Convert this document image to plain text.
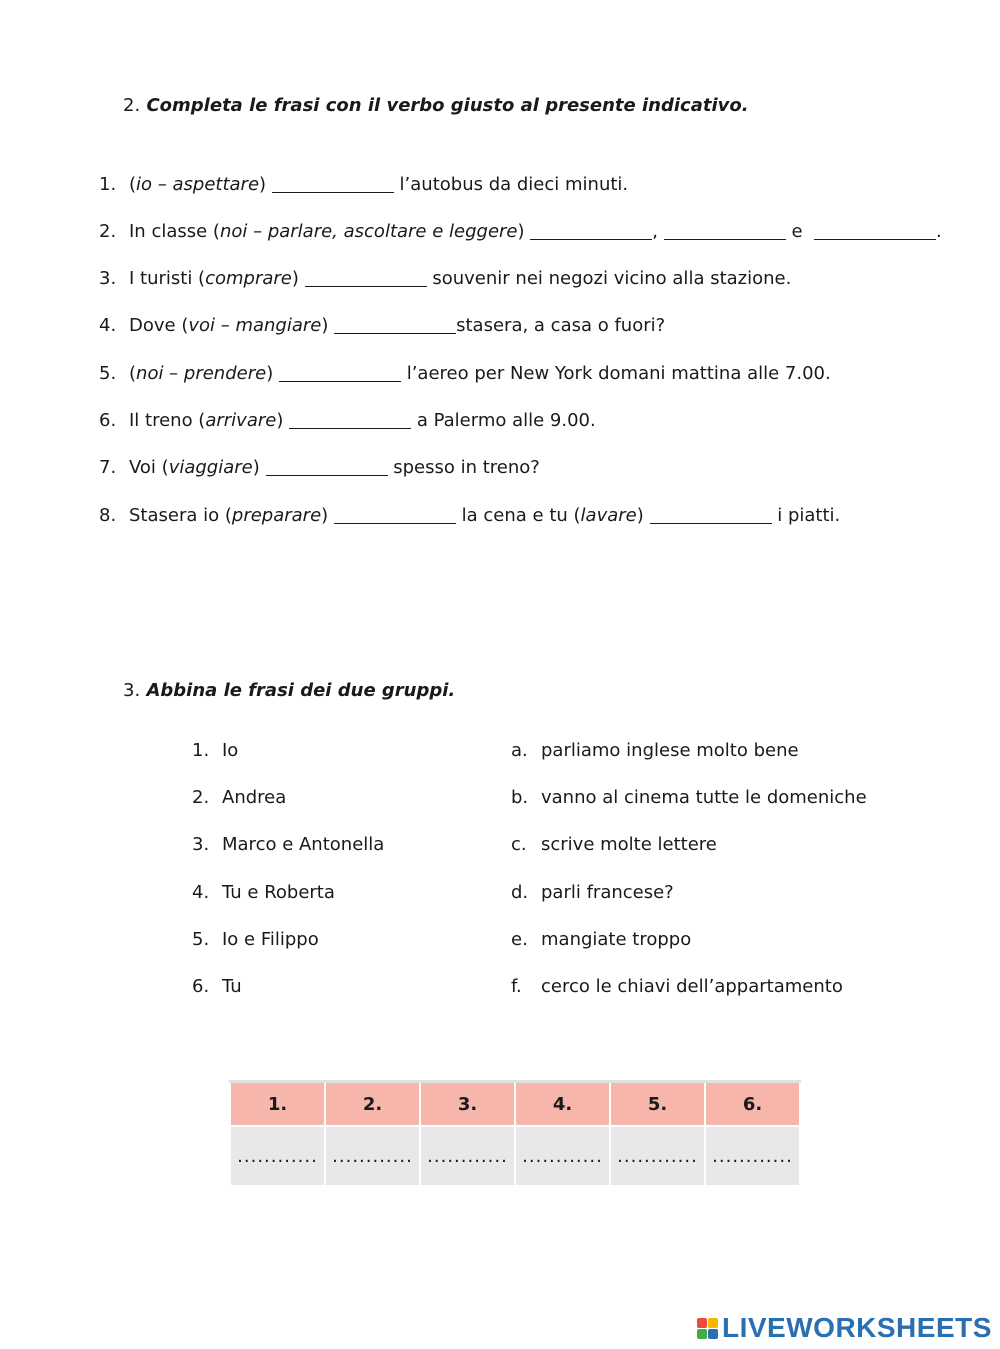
2. Completa le frasi con il verbo giusto al presente indicativo.
1. (io – aspettare)	l’autobus da dieci minuti.
2. In classe (noi – parlare, ascoltare e leggere)	,	e	.
3. I turisti (comprare)	souvenir nei negozi vicino alla stazione.
4. Dove (voi – mangiare)	stasera, a casa o fuori?
5. (noi – prendere)	l’aereo per New York domani mattina alle 7.00.
6. Il treno (arrivare)	a Palermo alle 9.00.
7. Voi (viaggiare)	spesso in treno?
8. Stasera io (preparare)	la cena e tu (lavare)	i piatti.
3. Abbina le frasi dei due gruppi.
1. Io
2. Andrea
3. Marco e Antonella
4. Tu e Roberta
5. Io e Filippo
6. Tu
a. parliamo inglese molto bene
b. vanno al cinema tutte le domeniche
c. scrive molte lettere
d. parli francese?
e. mangiate troppo
f. cerco le chiavi dell’appartamento
1.	2.	3.	4.	5.	6.
............	............	............	............	............	............
LIVEWORKSHEETS
